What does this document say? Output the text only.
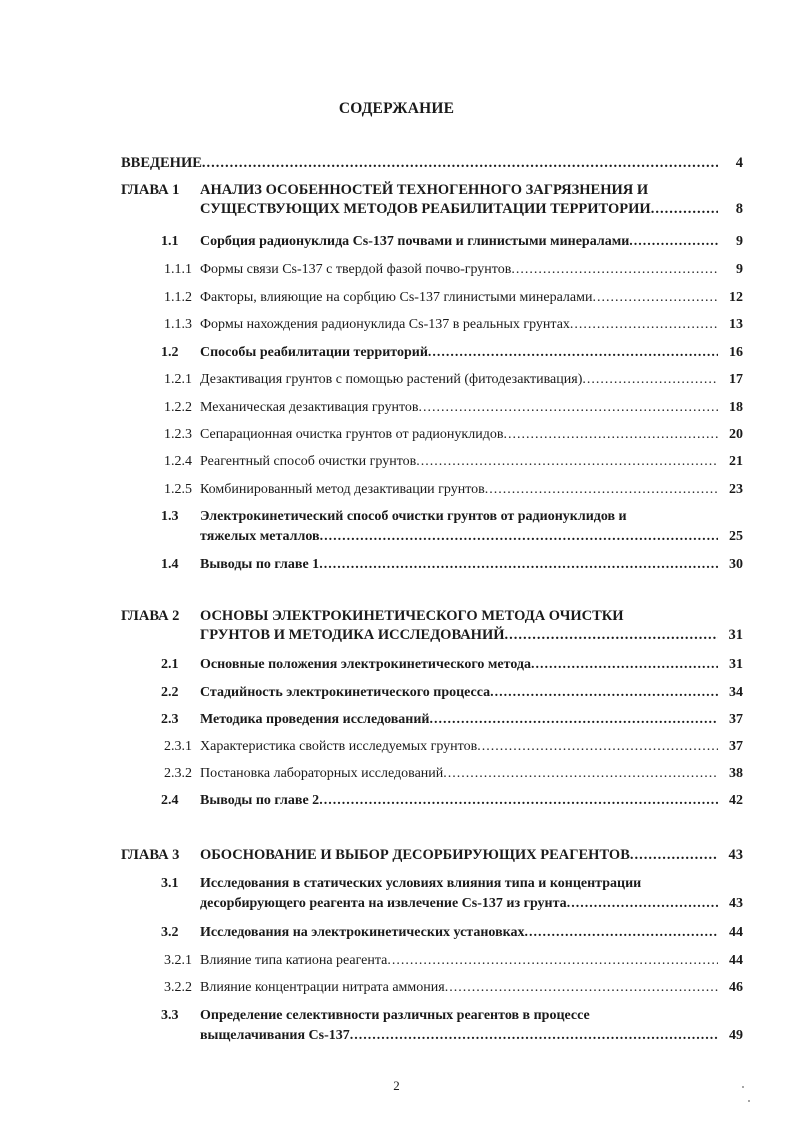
СОДЕРЖАНИЕ
ВВЕДЕНИЕ .....	4
ГЛАВА 1 АНАЛИЗ ОСОБЕННОСТЕЙ ТЕХНОГЕННОГО ЗАГРЯЗНЕНИЯ И
СУЩЕСТВУЮЩИХ МЕТОДОВ РЕАБИЛИТАЦИИ ТЕРРИТОРИИ .....	8
1.1 Сорбция радионуклида Cs-137 почвами и глинистыми минералами .....	9
1.1.1 Формы связи Cs-137 с твердой фазой почво-грунтов .....	9
1.1.2 Факторы, влияющие на сорбцию Cs-137 глинистыми минералами .....	12
1.1.3 Формы нахождения радионуклида Cs-137 в реальных грунтах .....	13
1.2 Способы реабилитации территорий .....	16
1.2.1 Дезактивация грунтов с помощью растений (фитодезактивация) .....	17
1.2.2 Механическая дезактивация грунтов .....	18
1.2.3 Сепарационная очистка грунтов от радионуклидов .....	20
1.2.4 Реагентный способ очистки грунтов .....	21
1.2.5 Комбинированный метод дезактивации грунтов .....	23
1.3 Электрокинетический способ очистки грунтов от радионуклидов и
тяжелых металлов .....	25
1.4 Выводы по главе 1 .....	30
ГЛАВА 2 ОСНОВЫ ЭЛЕКТРОКИНЕТИЧЕСКОГО МЕТОДА ОЧИСТКИ
ГРУНТОВ И МЕТОДИКА ИССЛЕДОВАНИЙ .....	31
2.1 Основные положения электрокинетического метода .....	31
2.2 Стадийность электрокинетического процесса .....	34
2.3 Методика проведения исследований .....	37
2.3.1 Характеристика свойств исследуемых грунтов .....	37
2.3.2 Постановка лабораторных исследований .....	38
2.4 Выводы по главе 2 .....	42
ГЛАВА 3 ОБОСНОВАНИЕ И ВЫБОР ДЕСОРБИРУЮЩИХ РЕАГЕНТОВ .....	43
3.1 Исследования в статических условиях влияния типа и концентрации
десорбирующего реагента на извлечение Cs-137 из грунта .....	43
3.2 Исследования на электрокинетических установках .....	44
3.2.1 Влияние типа катиона реагента .....	44
3.2.2 Влияние концентрации нитрата аммония .....	46
3.3 Определение селективности различных реагентов в процессе
выщелачивания Cs-137 .....	49
2
